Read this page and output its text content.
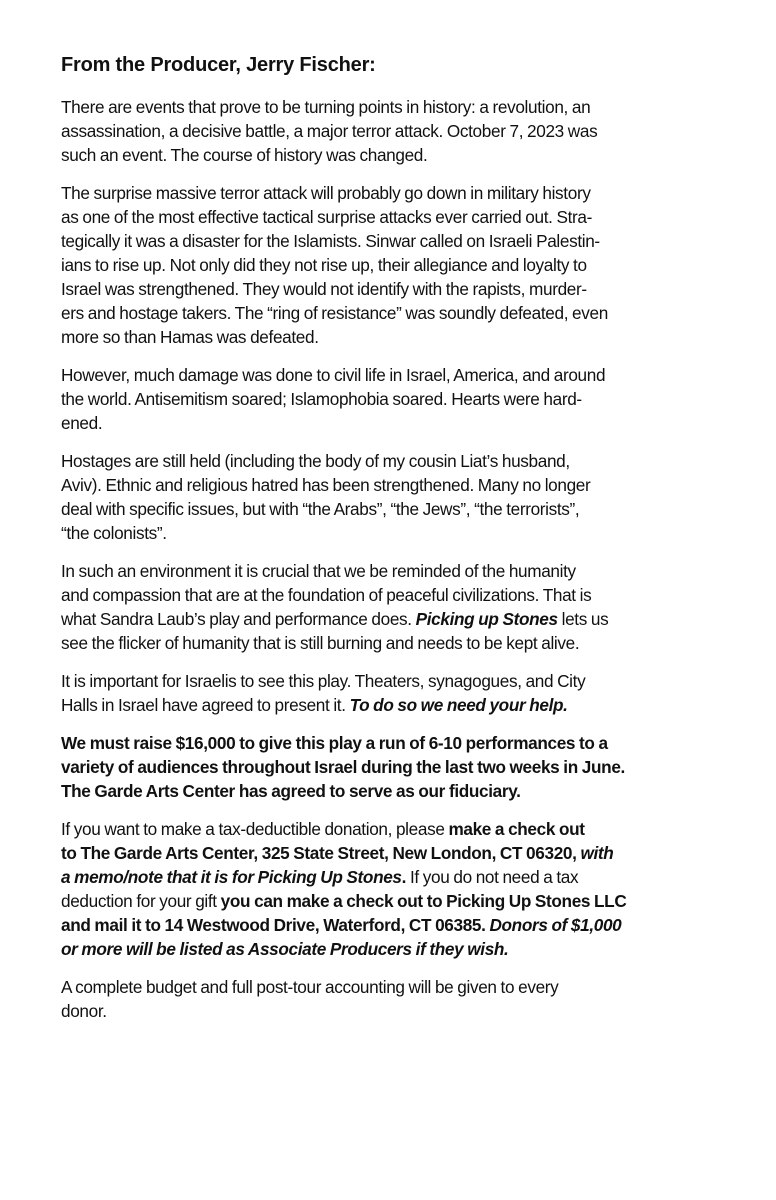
From the Producer, Jerry Fischer:

There are events that prove to be turning points in history: a revolution, an
assassination, a decisive battle, a major terror attack. October 7, 2023 was
such an event. The course of history was changed.

The surprise massive terror attack will probably go down in military history
as one of the most effective tactical surprise attacks ever carried out. Stra-
tegically it was a disaster for the Islamists. Sinwar called on Israeli Palestin-
ians to rise up. Not only did they not rise up, their allegiance and loyalty to
Israel was strengthened. They would not identify with the rapists, murder-
ers and hostage takers. The “ring of resistance” was soundly defeated, even
more so than Hamas was defeated.

However, much damage was done to civil life in Israel, America, and around
the world. Antisemitism soared; Islamophobia soared. Hearts were hard-
ened.

Hostages are still held (including the body of my cousin Liat’s husband,
Aviv). Ethnic and religious hatred has been strengthened. Many no longer
deal with specific issues, but with “the Arabs”, “the Jews”, “the terrorists”,
“the colonists”.

In such an environment it is crucial that we be reminded of the humanity
and compassion that are at the foundation of peaceful civilizations. That is
what Sandra Laub’s play and performance does. Picking up Stones lets us
see the flicker of humanity that is still burning and needs to be kept alive.

It is important for Israelis to see this play. Theaters, synagogues, and City
Halls in Israel have agreed to present it. To do so we need your help.

We must raise $16,000 to give this play a run of 6-10 performances to a
variety of audiences throughout Israel during the last two weeks in June.
The Garde Arts Center has agreed to serve as our fiduciary.

If you want to make a tax-deductible donation, please make a check out
to The Garde Arts Center, 325 State Street, New London, CT 06320, with
a memo/note that it is for Picking Up Stones. If you do not need a tax
deduction for your gift you can make a check out to Picking Up Stones LLC
and mail it to 14 Westwood Drive, Waterford, CT 06385. Donors of $1,000
or more will be listed as Associate Producers if they wish.

A complete budget and full post-tour accounting will be given to every
donor.
